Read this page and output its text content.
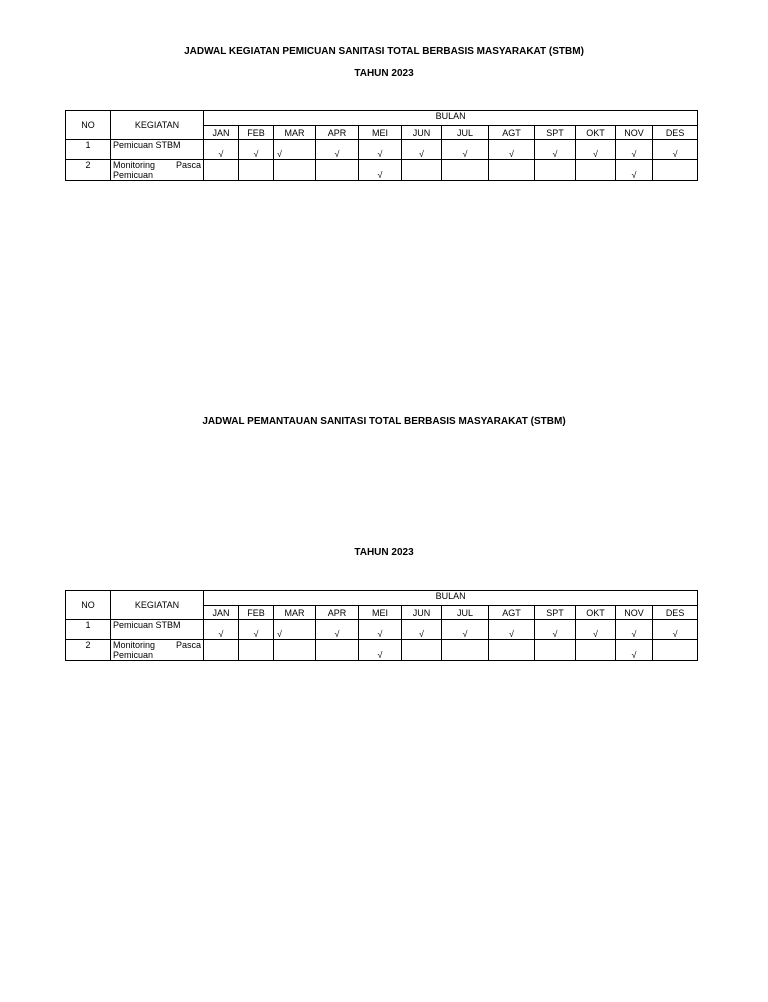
JADWAL KEGIATAN PEMICUAN SANITASI TOTAL BERBASIS MASYARAKAT (STBM)
TAHUN 2023
NO	KEGIATAN	BULAN											
		JAN	FEB	MAR	APR	MEI	JUN	JUL	AGT	SPT	OKT	NOV	DES
1	Pemicuan STBM	√	√	√	√	√	√	√	√	√	√	√	√
2	Monitoring Pasca Pemicuan					√						√	
JADWAL PEMANTAUAN SANITASI TOTAL BERBASIS MASYARAKAT (STBM)
TAHUN 2023
NO	KEGIATAN	BULAN											
		JAN	FEB	MAR	APR	MEI	JUN	JUL	AGT	SPT	OKT	NOV	DES
1	Pemicuan STBM	√	√	√	√	√	√	√	√	√	√	√	√
2	Monitoring Pasca Pemicuan					√						√	
